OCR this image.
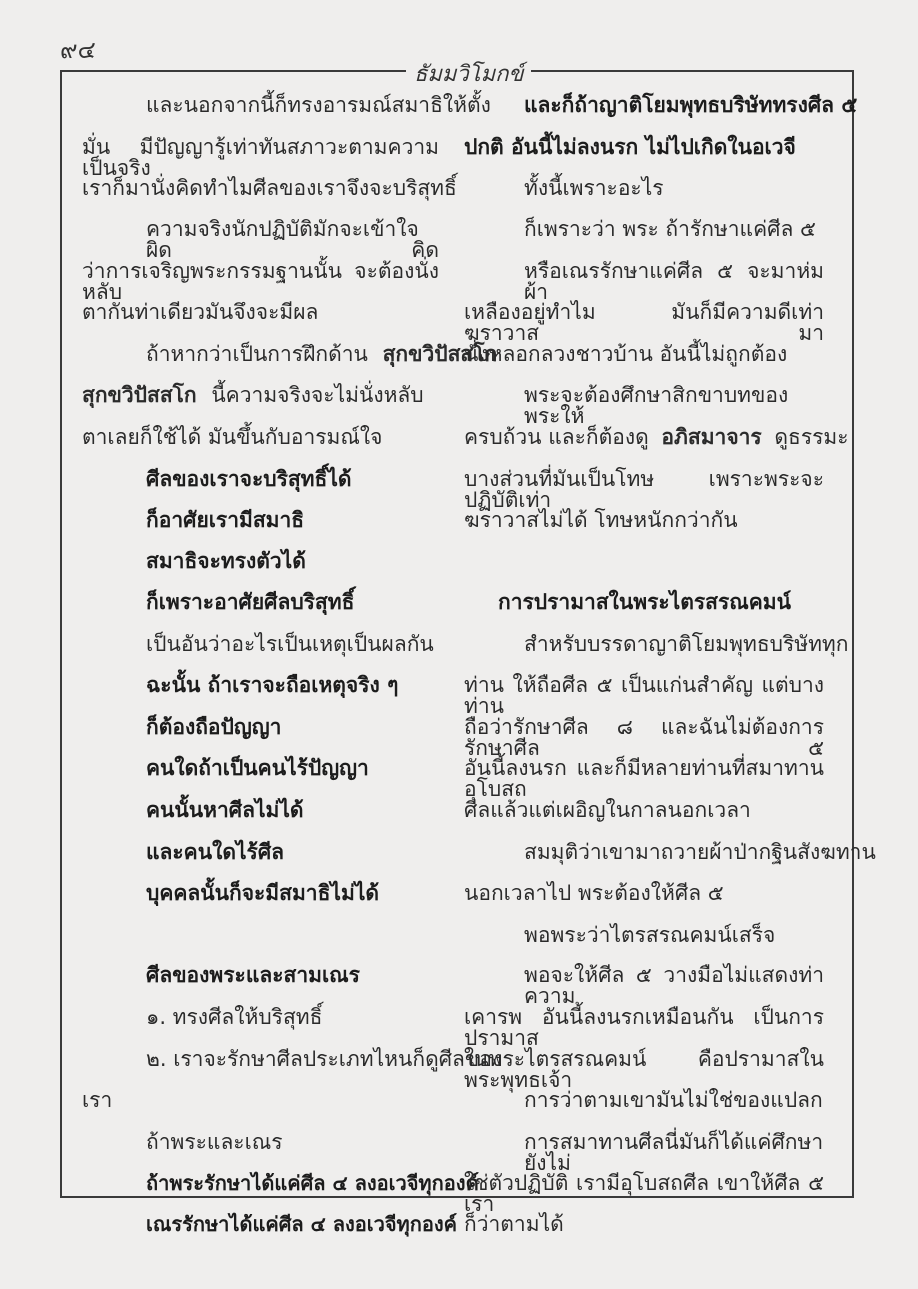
๙๔
ธัมมวิโมกข์
และนอกจากนี้ก็ทรงอารมณ์สมาธิให้ตั้ง
มั่น มีปัญญารู้เท่าทันสภาวะตามความเป็นจริง
เราก็มานั่งคิดทำไมศีลของเราจึงจะบริสุทธิ์
ความจริงนักปฏิบัติมักจะเข้าใจผิด คิด
ว่าการเจริญพระกรรมฐานนั้น จะต้องนั่งหลับ
ตากันท่าเดียวมันจึงจะมีผล
ถ้าหากว่าเป็นการฝึกด้าน สุกขวิปัสสโก
สุกขวิปัสสโก นี้ความจริงจะไม่นั่งหลับ
ตาเลยก็ใช้ได้ มันขึ้นกับอารมณ์ใจ
ศีลของเราจะบริสุทธิ์ได้
ก็อาศัยเรามีสมาธิ
สมาธิจะทรงตัวได้
ก็เพราะอาศัยศีลบริสุทธิ์
เป็นอันว่าอะไรเป็นเหตุเป็นผลกัน
ฉะนั้น ถ้าเราจะถือเหตุจริง ๆ
ก็ต้องถือปัญญา
คนใดถ้าเป็นคนไร้ปัญญา
คนนั้นหาศีลไม่ได้
และคนใดไร้ศีล
บุคคลนั้นก็จะมีสมาธิไม่ได้
ศีลของพระและสามเณร
๑. ทรงศีลให้บริสุทธิ์
๒. เราจะรักษาศีลประเภทไหนก็ดูศีลของ
เรา
ถ้าพระและเณร
ถ้าพระรักษาได้แค่ศีล ๔ ลงอเวจีทุกองค์
เณรรักษาได้แค่ศีล ๔ ลงอเวจีทุกองค์
และก็ถ้าญาติโยมพุทธบริษัททรงศีล ๕
ปกติ อันนี้ไม่ลงนรก ไม่ไปเกิดในอเวจี
ทั้งนี้เพราะอะไร
ก็เพราะว่า พระ ถ้ารักษาแค่ศีล ๕
หรือเณรรักษาแค่ศีล ๕ จะมาห่มผ้า
เหลืองอยู่ทำไม มันก็มีความดีเท่าฆราวาส มา
นั่งหลอกลวงชาวบ้าน อันนี้ไม่ถูกต้อง
พระจะต้องศึกษาสิกขาบทของพระให้
ครบถ้วน และก็ต้องดู อภิสมาจาร ดูธรรมะ
บางส่วนที่มันเป็นโทษ เพราะพระจะปฏิบัติเท่า
ฆราวาสไม่ได้ โทษหนักกว่ากัน
การปรามาสในพระไตรสรณคมน์
สำหรับบรรดาญาติโยมพุทธบริษัททุก
ท่าน ให้ถือศีล ๕ เป็นแก่นสำคัญ แต่บางท่าน
ถือว่ารักษาศีล ๘ และฉันไม่ต้องการรักษาศีล ๕
อันนี้ลงนรก และก็มีหลายท่านที่สมาทานอุโบสถ
ศีลแล้วแต่เผอิญในกาลนอกเวลา
สมมุติว่าเขามาถวายผ้าป่ากฐินสังฆทาน
นอกเวลาไป พระต้องให้ศีล ๕
พอพระว่าไตรสรณคมน์เสร็จ
พอจะให้ศีล ๕ วางมือไม่แสดงท่าความ
เคารพ อันนี้ลงนรกเหมือนกัน เป็นการปรามาส
ในพระไตรสรณคมน์ คือปรามาสในพระพุทธเจ้า
การว่าตามเขามันไม่ใช่ของแปลก
การสมาทานศีลนี่มันก็ได้แค่ศึกษายังไม่
ใช่ตัวปฏิบัติ เรามีอุโบสถศีล เขาให้ศีล ๕ เรา
ก็ว่าตามได้
